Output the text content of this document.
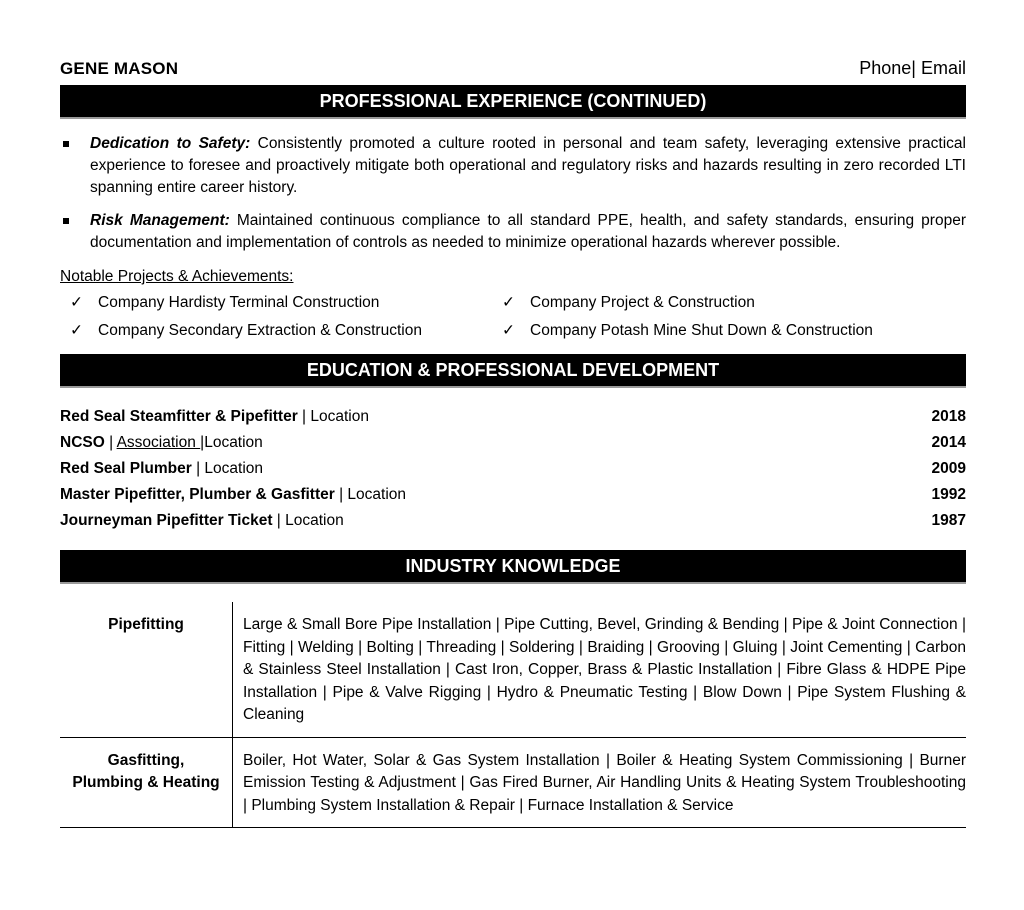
GENE MASON	Phone| Email
PROFESSIONAL EXPERIENCE (CONTINUED)
Dedication to Safety: Consistently promoted a culture rooted in personal and team safety, leveraging extensive practical experience to foresee and proactively mitigate both operational and regulatory risks and hazards resulting in zero recorded LTI spanning entire career history.
Risk Management: Maintained continuous compliance to all standard PPE, health, and safety standards, ensuring proper documentation and implementation of controls as needed to minimize operational hazards wherever possible.
Notable Projects & Achievements:
✓ Company Hardisty Terminal Construction	✓ Company Project & Construction
✓ Company Secondary Extraction & Construction	✓ Company Potash Mine Shut Down & Construction
EDUCATION & PROFESSIONAL DEVELOPMENT
Red Seal Steamfitter & Pipefitter | Location	2018
NCSO | Association |Location	2014
Red Seal Plumber | Location	2009
Master Pipefitter, Plumber & Gasfitter | Location	1992
Journeyman Pipefitter Ticket | Location	1987
INDUSTRY KNOWLEDGE
Pipefitting	Large & Small Bore Pipe Installation | Pipe Cutting, Bevel, Grinding & Bending | Pipe & Joint Connection | Fitting | Welding | Bolting | Threading | Soldering | Braiding | Grooving | Gluing | Joint Cementing | Carbon & Stainless Steel Installation | Cast Iron, Copper, Brass & Plastic Installation | Fibre Glass & HDPE Pipe Installation | Pipe & Valve Rigging | Hydro & Pneumatic Testing | Blow Down | Pipe System Flushing & Cleaning

Gasfitting,
Plumbing & Heating	Boiler, Hot Water, Solar & Gas System Installation | Boiler & Heating System Commissioning | Burner Emission Testing & Adjustment | Gas Fired Burner, Air Handling Units & Heating System Troubleshooting | Plumbing System Installation & Repair | Furnace Installation & Service
